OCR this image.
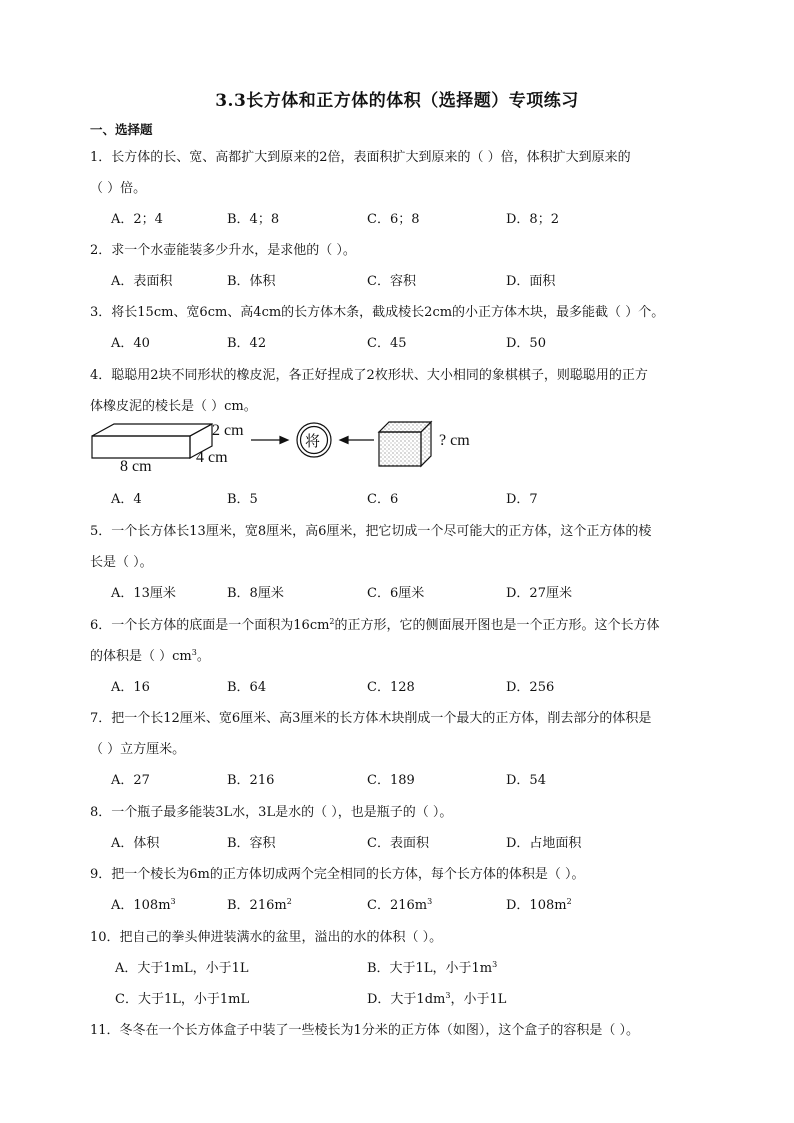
3.3长方体和正方体的体积（选择题）专项练习
一、选择题
1．长方体的长、宽、高都扩大到原来的2倍，表面积扩大到原来的（ ）倍，体积扩大到原来的
（ ）倍。
A．2；4	B．4；8	C．6；8	D．8；2
2．求一个水壶能装多少升水，是求他的（ ）。
A．表面积	B．体积	C．容积	D．面积
3．将长15cm、宽6cm、高4cm的长方体木条，截成棱长2cm的小正方体木块，最多能截（ ）个。
A．40	B．42	C．45	D．50
4．聪聪用2块不同形状的橡皮泥，各正好捏成了2枚形状、大小相同的象棋棋子，则聪聪用的正方
体橡皮泥的棱长是（ ）cm。
2 cm
4 cm
8 cm
将	? cm
A．4	B．5	C．6	D．7
5．一个长方体长13厘米，宽8厘米，高6厘米，把它切成一个尽可能大的正方体，这个正方体的棱
长是（ ）。
A．13厘米	B．8厘米	C．6厘米	D．27厘米
6．一个长方体的底面是一个面积为$16cm^2$的正方形，它的侧面展开图也是一个正方形。这个长方体
的体积是（ ）$cm^3$。
A．16	B．64	C．128	D．256
7．把一个长12厘米、宽6厘米、高3厘米的长方体木块削成一个最大的正方体，削去部分的体积是
（ ）立方厘米。
A．27	B．216	C．189	D．54
8．一个瓶子最多能装3L水，3L是水的（ ），也是瓶子的（ ）。
A．体积	B．容积	C．表面积	D．占地面积
9．把一个棱长为6m的正方体切成两个完全相同的长方体，每个长方体的体积是（ ）。
A．$108m^3$	B．$216m^2$	C．$216m^3$	D．$108m^2$
10．把自己的拳头伸进装满水的盆里，溢出的水的体积（ ）。
A．大于1mL，小于1L	B．大于1L，小于$1m^3$
C．大于1L，小于1mL	D．大于$1dm^3$，小于1L
11．冬冬在一个长方体盒子中装了一些棱长为1分米的正方体（如图），这个盒子的容积是（ ）。
